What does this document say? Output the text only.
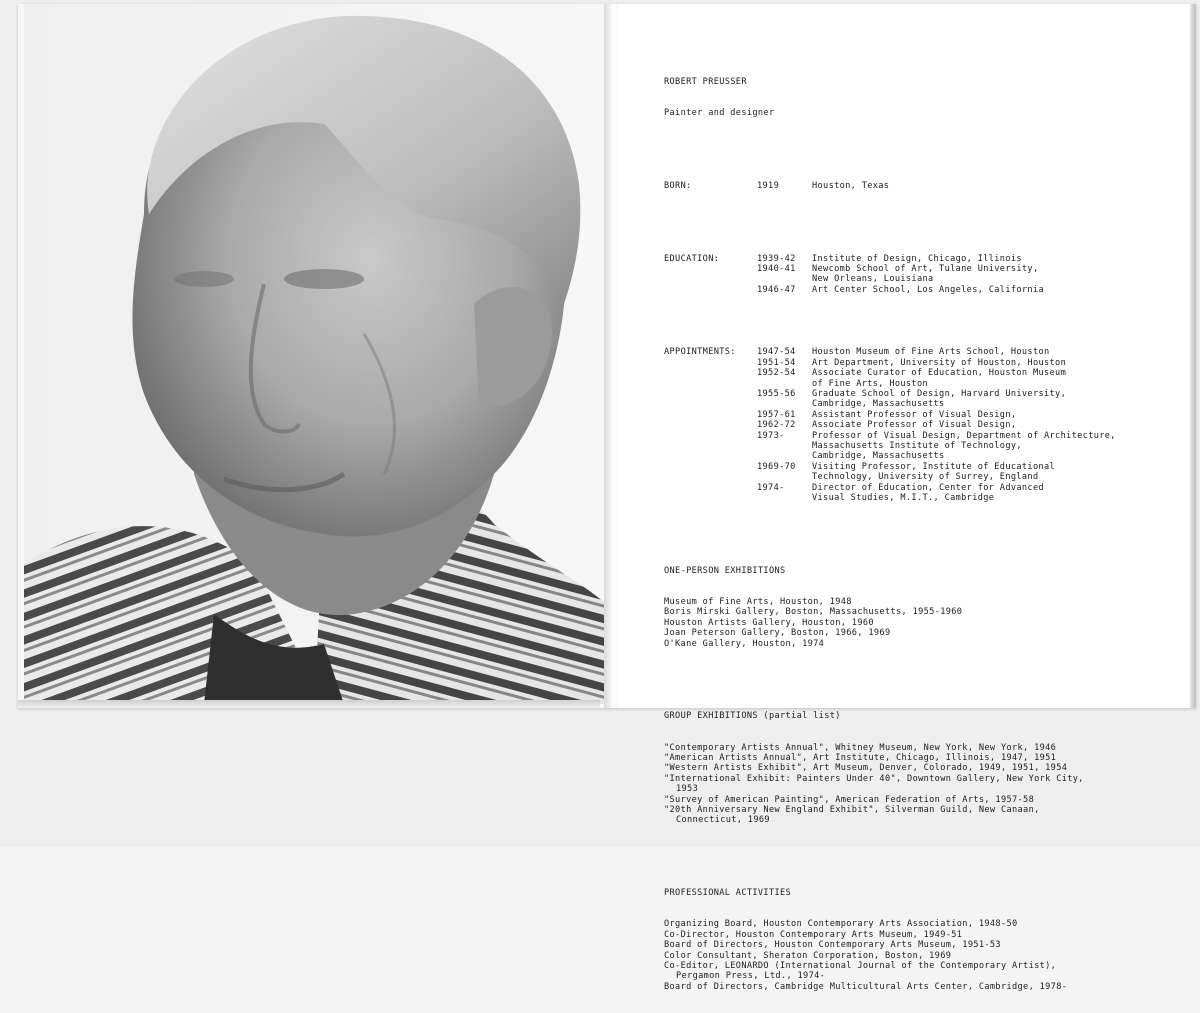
ROBERT PREUSSER

Painter and designer

BORN:	1919	Houston, Texas

EDUCATION:	1939-42	Institute of Design, Chicago, Illinois
1940-41	Newcomb School of Art, Tulane University,
New Orleans, Louisiana
1946-47	Art Center School, Los Angeles, California

APPOINTMENTS:	1947-54	Houston Museum of Fine Arts School, Houston
1951-54	Art Department, University of Houston, Houston
1952-54	Associate Curator of Education, Houston Museum
of Fine Arts, Houston
1955-56	Graduate School of Design, Harvard University,
Cambridge, Massachusetts
1957-61	Assistant Professor of Visual Design,
1962-72	Associate Professor of Visual Design,
1973-	Professor of Visual Design, Department of Architecture,
Massachusetts Institute of Technology,
Cambridge, Massachusetts
1969-70	Visiting Professor, Institute of Educational
Technology, University of Surrey, England
1974-	Director of Education, Center for Advanced
Visual Studies, M.I.T., Cambridge

ONE-PERSON EXHIBITIONS

Museum of Fine Arts, Houston, 1948
Boris Mirski Gallery, Boston, Massachusetts, 1955-1960
Houston Artists Gallery, Houston, 1960
Joan Peterson Gallery, Boston, 1966, 1969
O'Kane Gallery, Houston, 1974

GROUP EXHIBITIONS (partial list)

"Contemporary Artists Annual", Whitney Museum, New York, New York, 1946
"American Artists Annual", Art Institute, Chicago, Illinois, 1947, 1951
"Western Artists Exhibit", Art Museum, Denver, Colorado, 1949, 1951, 1954
"International Exhibit: Painters Under 40", Downtown Gallery, New York City,
1953
"Survey of American Painting", American Federation of Arts, 1957-58
"20th Anniversary New England Exhibit", Silverman Guild, New Canaan,
Connecticut, 1969

PROFESSIONAL ACTIVITIES

Organizing Board, Houston Contemporary Arts Association, 1948-50
Co-Director, Houston Contemporary Arts Museum, 1949-51
Board of Directors, Houston Contemporary Arts Museum, 1951-53
Color Consultant, Sheraton Corporation, Boston, 1969
Co-Editor, LEONARDO (International Journal of the Contemporary Artist),
Pergamon Press, Ltd., 1974-
Board of Directors, Cambridge Multicultural Arts Center, Cambridge, 1978-
